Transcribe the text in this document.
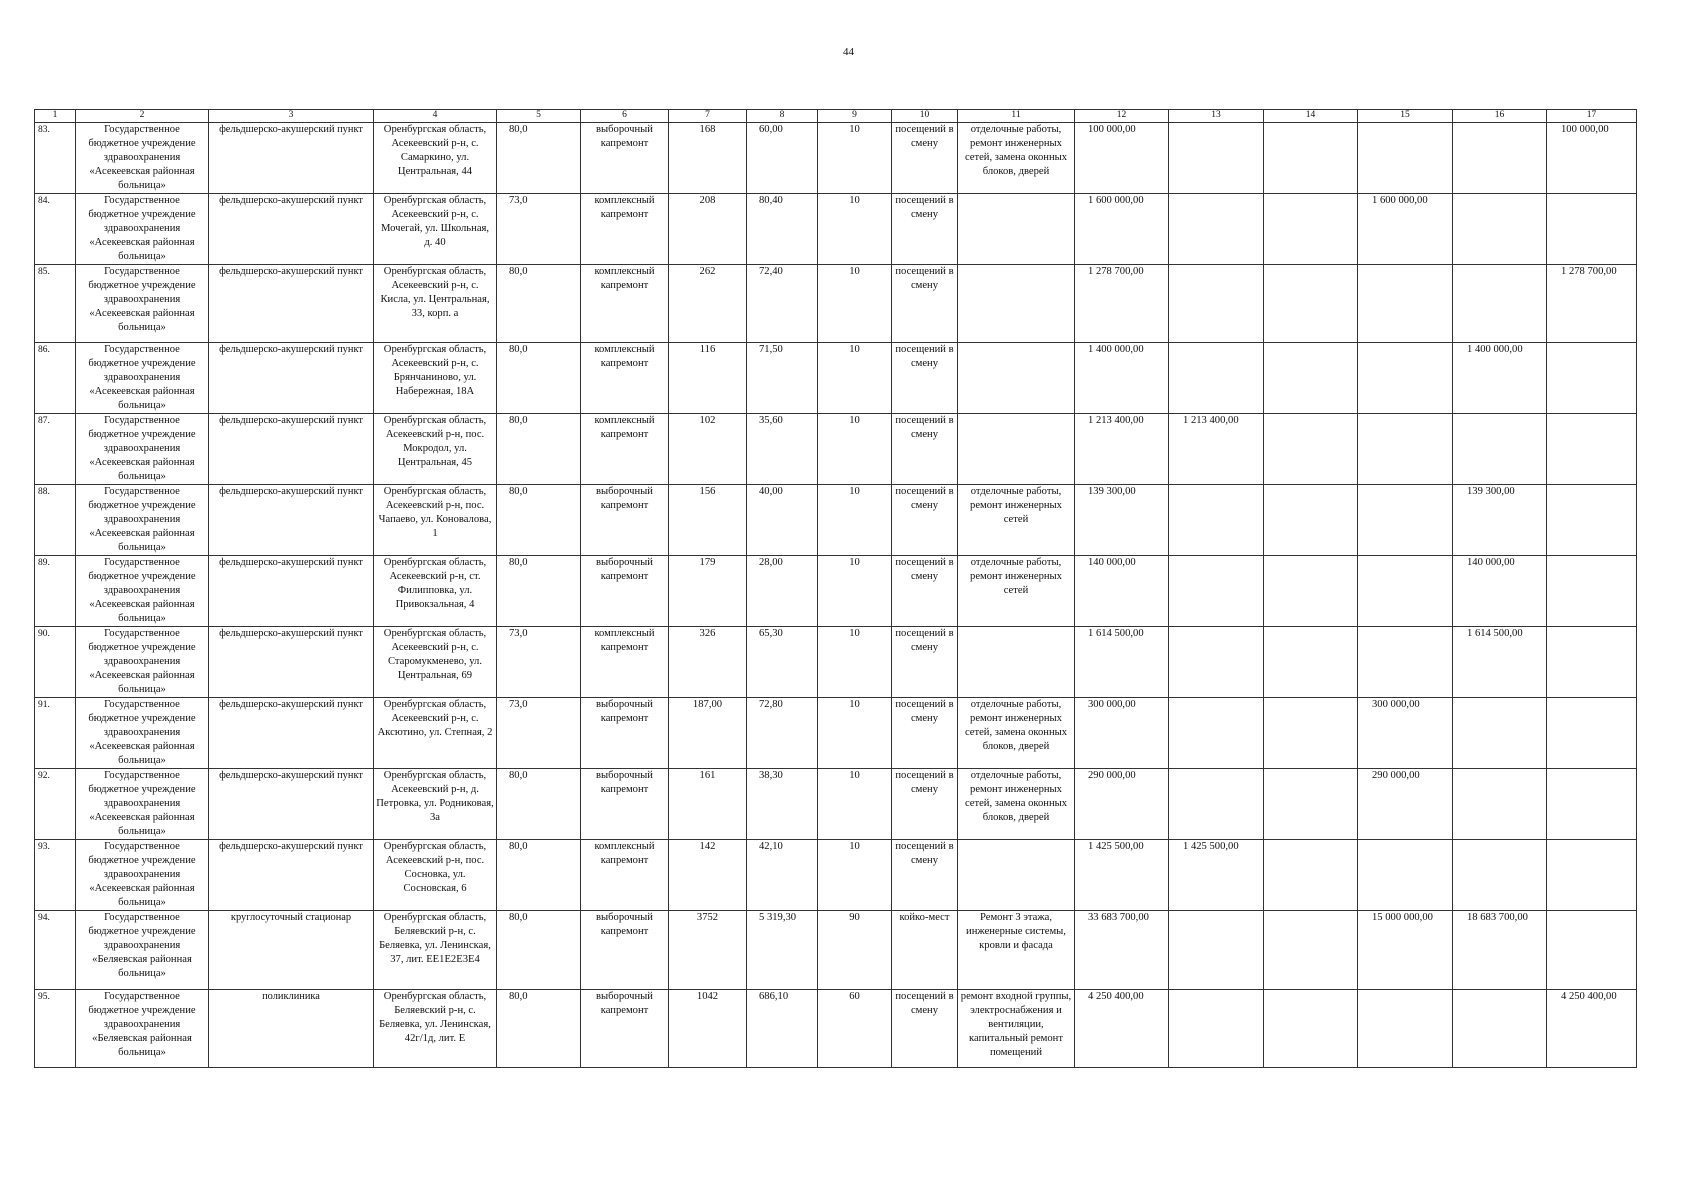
44
1	2	3	4	5	6	7	8	9	10	11	12	13	14	15	16	17
83.	Государственное бюджетное учреждение здравоохранения «Асекеевская районная больница»	фельдшерско-акушерский пункт	Оренбургская область, Асекеевский р-н, с. Самаркино, ул. Центральная, 44	80,0	выборочный капремонт	168	60,00	10	посещений в смену	отделочные работы, ремонт инженерных сетей, замена оконных блоков, дверей	100 000,00					100 000,00
84.	Государственное бюджетное учреждение здравоохранения «Асекеевская районная больница»	фельдшерско-акушерский пункт	Оренбургская область, Асекеевский р-н, с. Мочегай, ул. Школьная, д. 40	73,0	комплексный капремонт	208	80,40	10	посещений в смену		1 600 000,00			1 600 000,00		
85.	Государственное бюджетное учреждение здравоохранения «Асекеевская районная больница»	фельдшерско-акушерский пункт	Оренбургская область, Асекеевский р-н, с. Кисла, ул. Центральная, 33, корп. а	80,0	комплексный капремонт	262	72,40	10	посещений в смену		1 278 700,00					1 278 700,00
86.	Государственное бюджетное учреждение здравоохранения «Асекеевская районная больница»	фельдшерско-акушерский пункт	Оренбургская область, Асекеевский р-н, с. Брянчаниново, ул. Набережная, 18А	80,0	комплексный капремонт	116	71,50	10	посещений в смену		1 400 000,00				1 400 000,00	
87.	Государственное бюджетное учреждение здравоохранения «Асекеевская районная больница»	фельдшерско-акушерский пункт	Оренбургская область, Асекеевский р-н, пос. Мокродол, ул. Центральная, 45	80,0	комплексный капремонт	102	35,60	10	посещений в смену		1 213 400,00	1 213 400,00				
88.	Государственное бюджетное учреждение здравоохранения «Асекеевская районная больница»	фельдшерско-акушерский пункт	Оренбургская область, Асекеевский р-н, пос. Чапаево, ул. Коновалова, 1	80,0	выборочный капремонт	156	40,00	10	посещений в смену	отделочные работы, ремонт инженерных сетей	139 300,00				139 300,00	
89.	Государственное бюджетное учреждение здравоохранения «Асекеевская районная больница»	фельдшерско-акушерский пункт	Оренбургская область, Асекеевский р-н, ст. Филипповка, ул. Привокзальная, 4	80,0	выборочный капремонт	179	28,00	10	посещений в смену	отделочные работы, ремонт инженерных сетей	140 000,00				140 000,00	
90.	Государственное бюджетное учреждение здравоохранения «Асекеевская районная больница»	фельдшерско-акушерский пункт	Оренбургская область, Асекеевский р-н, с. Старомукменево, ул. Центральная, 69	73,0	комплексный капремонт	326	65,30	10	посещений в смену		1 614 500,00				1 614 500,00	
91.	Государственное бюджетное учреждение здравоохранения «Асекеевская районная больница»	фельдшерско-акушерский пункт	Оренбургская область, Асекеевский р-н, с. Аксютино, ул. Степная, 2	73,0	выборочный капремонт	187,00	72,80	10	посещений в смену	отделочные работы, ремонт инженерных сетей, замена оконных блоков, дверей	300 000,00			300 000,00		
92.	Государственное бюджетное учреждение здравоохранения «Асекеевская районная больница»	фельдшерско-акушерский пункт	Оренбургская область, Асекеевский р-н, д. Петровка, ул. Родниковая, 3а	80,0	выборочный капремонт	161	38,30	10	посещений в смену	отделочные работы, ремонт инженерных сетей, замена оконных блоков, дверей	290 000,00			290 000,00		
93.	Государственное бюджетное учреждение здравоохранения «Асекеевская районная больница»	фельдшерско-акушерский пункт	Оренбургская область, Асекеевский р-н, пос. Сосновка, ул. Сосновская, 6	80,0	комплексный капремонт	142	42,10	10	посещений в смену		1 425 500,00	1 425 500,00				
94.	Государственное бюджетное учреждение здравоохранения «Беляевская районная больница»	круглосуточный стационар	Оренбургская область, Беляевский р-н, с. Беляевка, ул. Ленинская, 37, лит. ЕЕ1Е2Е3Е4	80,0	выборочный капремонт	3752	5 319,30	90	койко-мест	Ремонт 3 этажа, инженерные системы, кровли и фасада	33 683 700,00			15 000 000,00	18 683 700,00	
95.	Государственное бюджетное учреждение здравоохранения «Беляевская районная больница»	поликлиника	Оренбургская область, Беляевский р-н, с. Беляевка, ул. Ленинская, 42г/1д, лит. Е	80,0	выборочный капремонт	1042	686,10	60	посещений в смену	ремонт входной группы, электроснабжения и вентиляции, капитальный ремонт помещений	4 250 400,00					4 250 400,00
